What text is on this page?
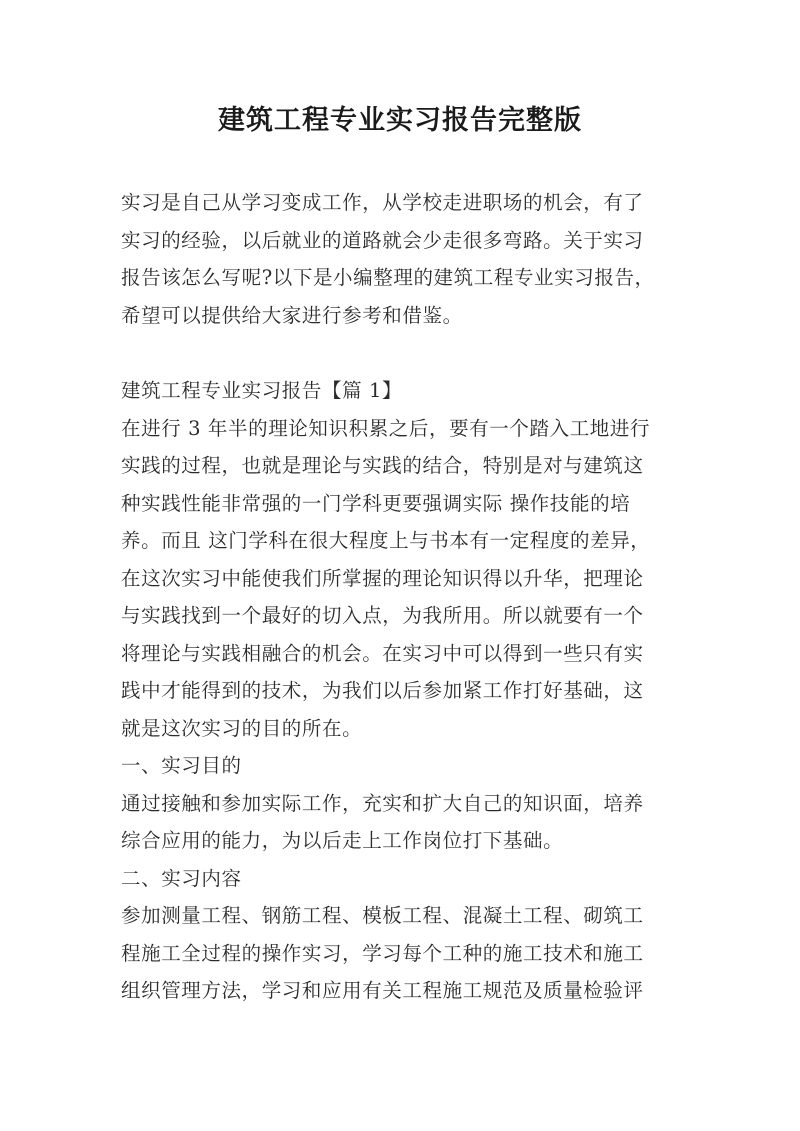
建筑工程专业实习报告完整版
实习是自己从学习变成工作，从学校走进职场的机会，有了
实习的经验，以后就业的道路就会少走很多弯路。关于实习
报告该怎么写呢?以下是小编整理的建筑工程专业实习报告，
希望可以提供给大家进行参考和借鉴。
建筑工程专业实习报告【篇 1】
在进行 3 年半的理论知识积累之后，要有一个踏入工地进行
实践的过程，也就是理论与实践的结合，特别是对与建筑这
种实践性能非常强的一门学科更要强调实际 操作技能的培
养。而且 这门学科在很大程度上与书本有一定程度的差异，
在这次实习中能使我们所掌握的理论知识得以升华，把理论
与实践找到一个最好的切入点，为我所用。所以就要有一个
将理论与实践相融合的机会。在实习中可以得到一些只有实
践中才能得到的技术，为我们以后参加紧工作打好基础，这
就是这次实习的目的所在。
一、实习目的
通过接触和参加实际工作，充实和扩大自己的知识面，培养
综合应用的能力，为以后走上工作岗位打下基础。
二、实习内容
参加测量工程、钢筋工程、模板工程、混凝土工程、砌筑工
程施工全过程的操作实习，学习每个工种的施工技术和施工
组织管理方法，学习和应用有关工程施工规范及质量检验评
